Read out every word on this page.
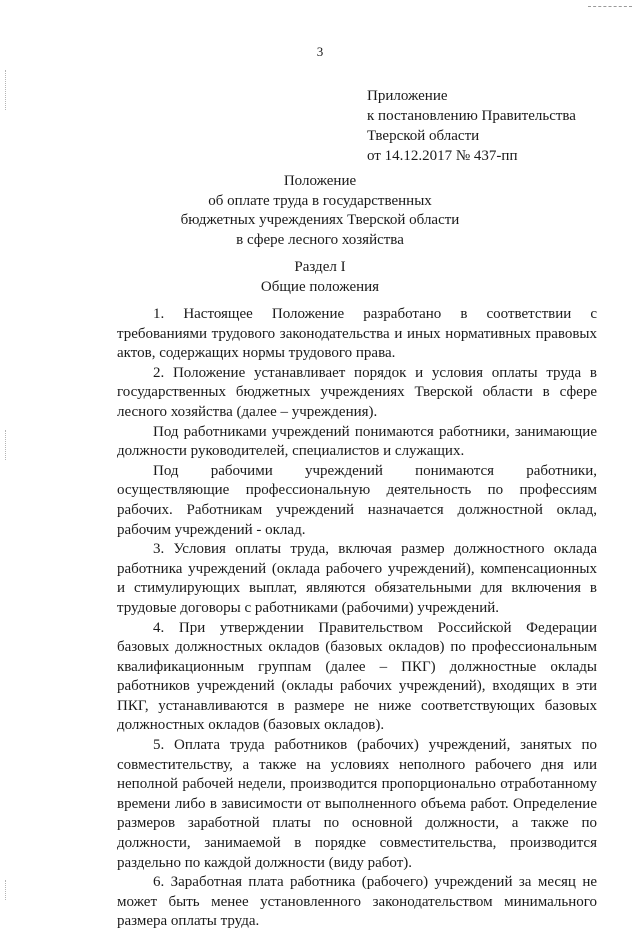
3
Приложение
к постановлению Правительства
Тверской области
от 14.12.2017 № 437-пп
Положение
об оплате труда в государственных
бюджетных учреждениях Тверской области
в сфере лесного хозяйства
Раздел I
Общие положения

1. Настоящее Положение разработано в соответствии с требованиями трудового законодательства и иных нормативных правовых актов, содержащих нормы трудового права.

2. Положение устанавливает порядок и условия оплаты труда в государственных бюджетных учреждениях Тверской области в сфере лесного хозяйства (далее – учреждения).

Под работниками учреждений понимаются работники, занимающие должности руководителей, специалистов и служащих.

Под рабочими учреждений понимаются работники, осуществляющие профессиональную деятельность по профессиям рабочих. Работникам учреждений назначается должностной оклад, рабочим учреждений - оклад.

3. Условия оплаты труда, включая размер должностного оклада работника учреждений (оклада рабочего учреждений), компенсационных и стимулирующих выплат, являются обязательными для включения в трудовые договоры с работниками (рабочими) учреждений.

4. При утверждении Правительством Российской Федерации базовых должностных окладов (базовых окладов) по профессиональным квалификационным группам (далее – ПКГ) должностные оклады работников учреждений (оклады рабочих учреждений), входящих в эти ПКГ, устанавливаются в размере не ниже соответствующих базовых должностных окладов (базовых окладов).

5. Оплата труда работников (рабочих) учреждений, занятых по совместительству, а также на условиях неполного рабочего дня или неполной рабочей недели, производится пропорционально отработанному времени либо в зависимости от выполненного объема работ. Определение размеров заработной платы по основной должности, а также по должности, занимаемой в порядке совместительства, производится раздельно по каждой должности (виду работ).

6. Заработная плата работника (рабочего) учреждений за месяц не может быть менее установленного законодательством минимального размера оплаты труда.
